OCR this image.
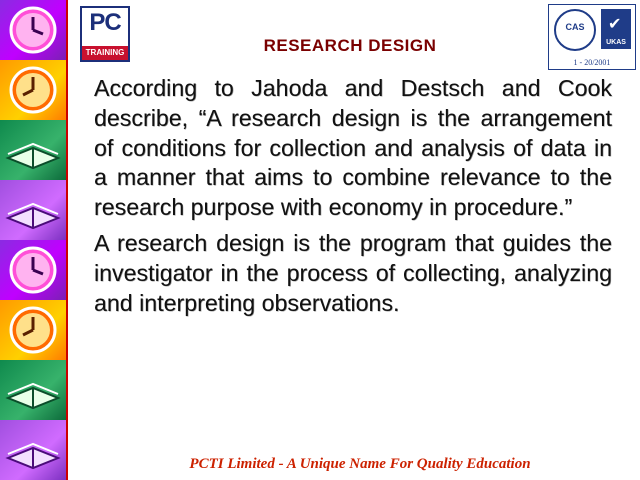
PC
TRAINING
CAS	✔
UKAS
1 - 20/2001
RESEARCH DESIGN

According to Jahoda and Destsch and Cook describe, “A research design is the arrangement of conditions for collection and analysis of data in a manner that aims to combine relevance to the research purpose with economy in procedure.”

A research design is the program that guides the investigator in the process of collecting, analyzing and interpreting observations.

PCTI Limited - A Unique Name For Quality Education
